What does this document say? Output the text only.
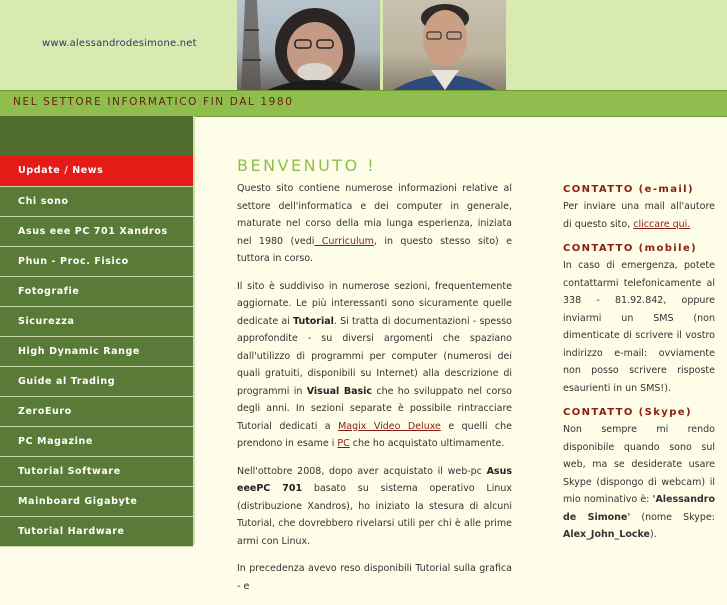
www.alessandrodesimone.net
NEL SETTORE INFORMATICO FIN DAL 1980
Update / News
Chi sono
Asus eee PC 701 Xandros
Phun - Proc. Fisico
Fotografie
Sicurezza
High Dynamic Range
Guide al Trading
ZeroEuro
PC Magazine
Tutorial Software
Mainboard Gigabyte
Tutorial Hardware
BENVENUTO !

Questo sito contiene numerose informazioni relative al settore dell'informatica e dei computer in generale, maturate nel corso della mia lunga esperienza, iniziata nel 1980 (vedi Curriculum, in questo stesso sito) e tuttora in corso.

Il sito è suddiviso in numerose sezioni, frequentemente aggiornate. Le più interessanti sono sicuramente quelle dedicate ai Tutorial. Si tratta di documentazioni - spesso approfondite - su diversi argomenti che spaziano dall'utilizzo di programmi per computer (numerosi dei quali gratuiti, disponibili su Internet) alla descrizione di programmi in Visual Basic che ho sviluppato nel corso degli anni. In sezioni separate è possibile rintracciare Tutorial dedicati a Magix Video Deluxe e quelli che prendono in esame i PC che ho acquistato ultimamente.

Nell'ottobre 2008, dopo aver acquistato il web-pc Asus eeePC 701 basato su sistema operativo Linux (distribuzione Xandros), ho iniziato la stesura di alcuni Tutorial, che dovrebbero rivelarsi utili per chi è alle prime armi con Linux.

In precedenza avevo reso disponibili Tutorial sulla grafica - e

CONTATTO (e-mail)

Per inviare una mail all'autore di questo sito, cliccare qui.

CONTATTO (mobile)

In caso di emergenza, potete contattarmi telefonicamente al 338 - 81.92.842, oppure inviarmi un SMS (non dimenticate di scrivere il vostro indirizzo e-mail: ovviamente non posso scrivere risposte esaurienti in un SMS!).

CONTATTO (Skype)

Non sempre mi rendo disponibile quando sono sul web, ma se desiderate usare Skype (dispongo di webcam) il mio nominativo è: 'Alessandro de Simone' (nome Skype: Alex_John_Locke).
